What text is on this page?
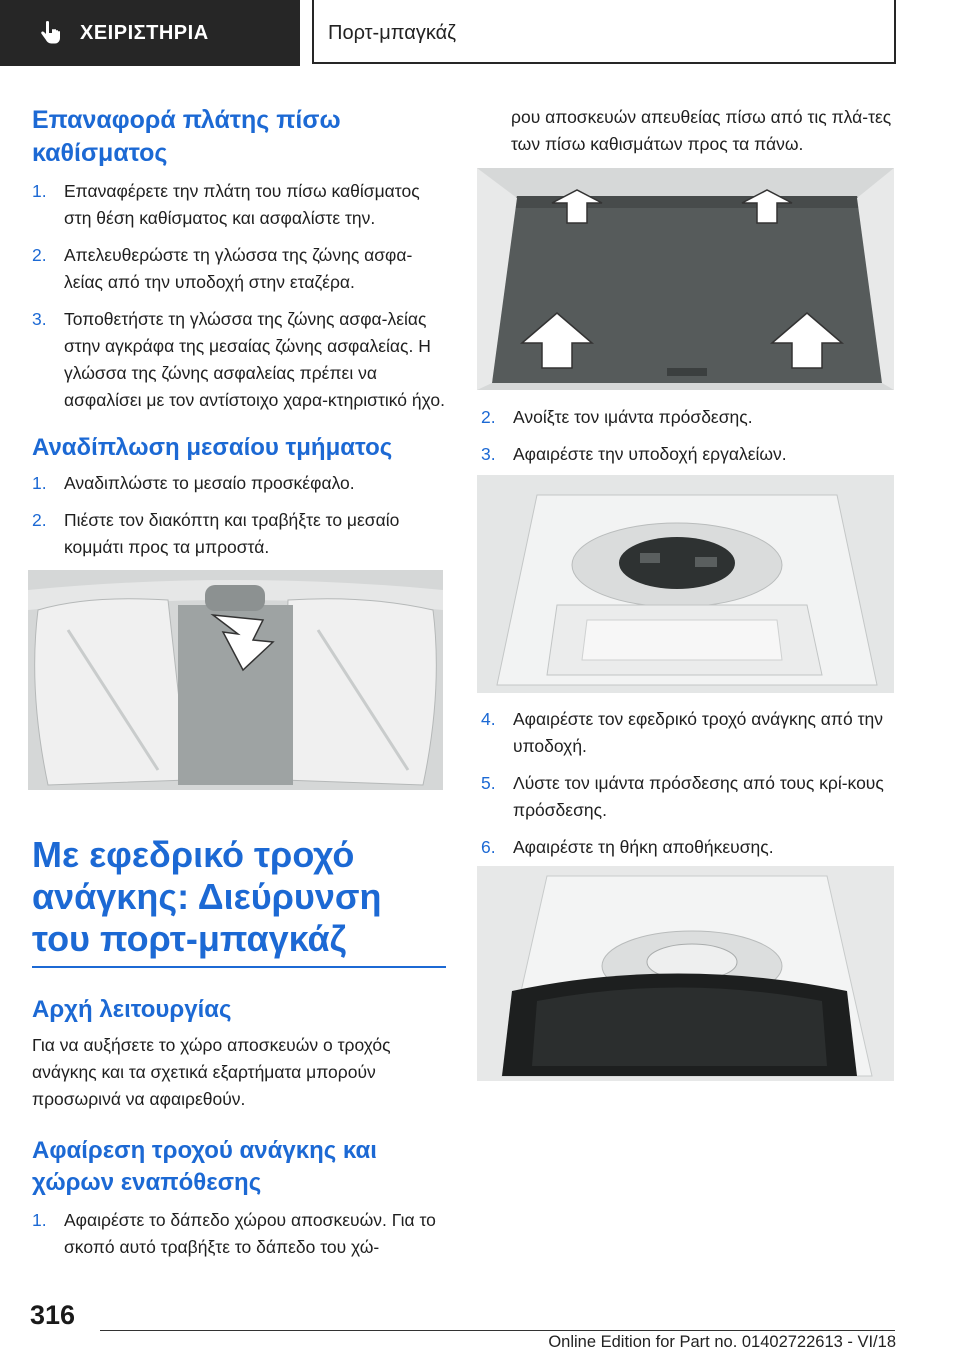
ΧΕΙΡΙΣΤΗΡΙΑ	Πορτ-μπαγκάζ
Επαναφορά πλάτης πίσω καθίσματος
1. Επαναφέρετε την πλάτη του πίσω καθίσματος στη θέση καθίσματος και ασφαλίστε την.
2. Απελευθερώστε τη γλώσσα της ζώνης ασφα‐λείας από την υποδοχή στην εταζέρα.
3. Τοποθετήστε τη γλώσσα της ζώνης ασφα‐λείας στην αγκράφα της μεσαίας ζώνης ασφαλείας. Η γλώσσα της ζώνης ασφαλείας πρέπει να ασφαλίσει με τον αντίστοιχο χαρα‐κτηριστικό ήχο.
Αναδίπλωση μεσαίου τμήματος
1. Αναδιπλώστε το μεσαίο προσκέφαλο.
2. Πιέστε τον διακόπτη και τραβήξτε το μεσαίο κομμάτι προς τα μπροστά.
Με εφεδρικό τροχό ανάγκης: Διεύρυνση του πορτ-μπαγκάζ
Αρχή λειτουργίας

Για να αυξήσετε το χώρο αποσκευών ο τροχός ανάγκης και τα σχετικά εξαρτήματα μπορούν προσωρινά να αφαιρεθούν.

Αφαίρεση τροχού ανάγκης και χώρων εναπόθεσης
1. Αφαιρέστε το δάπεδο χώρου αποσκευών. Για το σκοπό αυτό τραβήξτε το δάπεδο του χώ‐

ρου αποσκευών απευθείας πίσω από τις πλά‐τες των πίσω καθισμάτων προς τα πάνω.

2. Ανοίξτε τον ιμάντα πρόσδεσης.
3. Αφαιρέστε την υποδοχή εργαλείων.
4. Αφαιρέστε τον εφεδρικό τροχό ανάγκης από την υποδοχή.
5. Λύστε τον ιμάντα πρόσδεσης από τους κρί‐κους πρόσδεσης.
6. Αφαιρέστε τη θήκη αποθήκευσης.
316
Online Edition for Part no. 01402722613 - VI/18
